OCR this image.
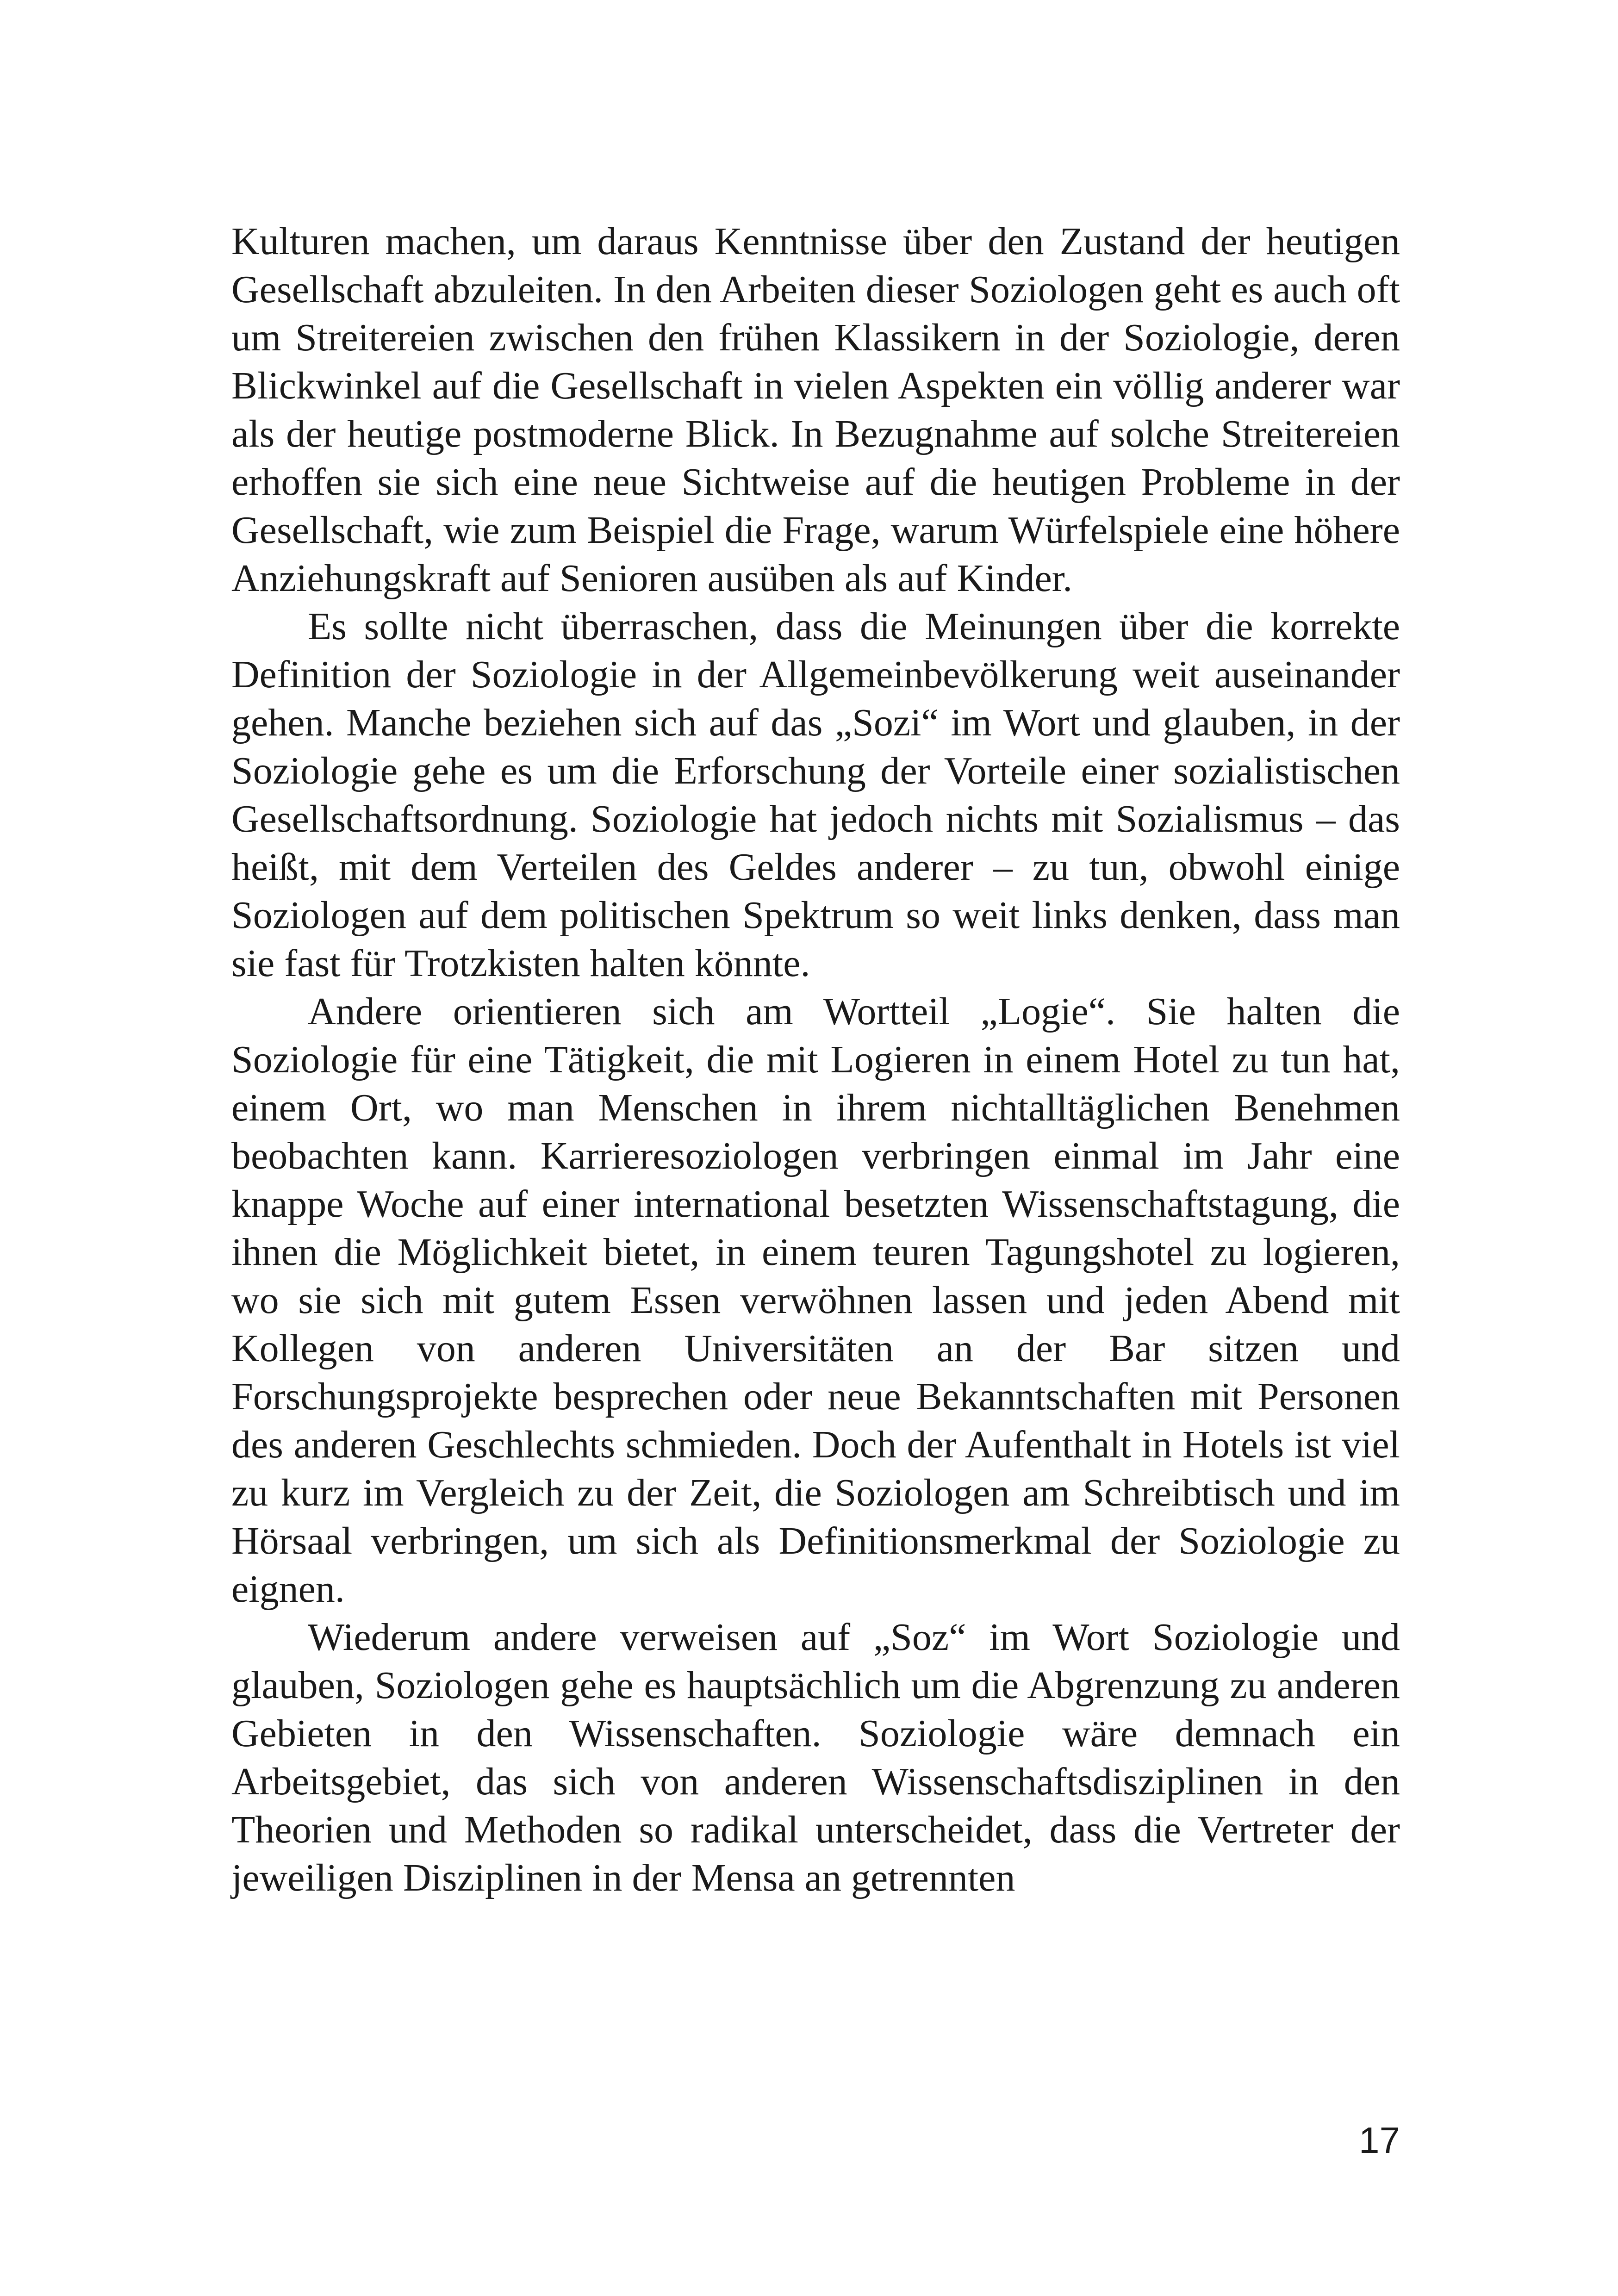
Kulturen machen, um daraus Kenntnisse über den Zustand der heutigen Gesellschaft abzuleiten. In den Arbeiten dieser Soziologen geht es auch oft um Streitereien zwischen den frühen Klassikern in der Soziologie, deren Blickwinkel auf die Gesellschaft in vielen Aspekten ein völlig anderer war als der heutige postmoderne Blick. In Bezugnahme auf solche Streitereien erhoffen sie sich eine neue Sichtweise auf die heutigen Probleme in der Gesellschaft, wie zum Beispiel die Frage, warum Würfelspiele eine höhere Anziehungskraft auf Senioren ausüben als auf Kinder.

Es sollte nicht überraschen, dass die Meinungen über die korrekte Definition der Soziologie in der Allgemeinbevölkerung weit auseinander gehen. Manche beziehen sich auf das „Sozi“ im Wort und glauben, in der Soziologie gehe es um die Erforschung der Vorteile einer sozialistischen Gesellschaftsordnung. Soziologie hat jedoch nichts mit Sozialismus – das heißt, mit dem Verteilen des Geldes anderer – zu tun, obwohl einige Soziologen auf dem politischen Spektrum so weit links denken, dass man sie fast für Trotzkisten halten könnte.

Andere orientieren sich am Wortteil „Logie“. Sie halten die Soziologie für eine Tätigkeit, die mit Logieren in einem Hotel zu tun hat, einem Ort, wo man Menschen in ihrem nichtalltäglichen Benehmen beobachten kann. Karrieresoziologen verbringen einmal im Jahr eine knappe Woche auf einer international besetzten Wissenschaftstagung, die ihnen die Möglichkeit bietet, in einem teuren Tagungshotel zu logieren, wo sie sich mit gutem Essen verwöhnen lassen und jeden Abend mit Kollegen von anderen Universitäten an der Bar sitzen und Forschungsprojekte besprechen oder neue Bekanntschaften mit Personen des anderen Geschlechts schmieden. Doch der Aufenthalt in Hotels ist viel zu kurz im Vergleich zu der Zeit, die Soziologen am Schreibtisch und im Hörsaal verbringen, um sich als Definitionsmerkmal der Soziologie zu eignen.

Wiederum andere verweisen auf „Soz“ im Wort Soziologie und glauben, Soziologen gehe es hauptsächlich um die Abgrenzung zu anderen Gebieten in den Wissenschaften. Soziologie wäre demnach ein Arbeitsgebiet, das sich von anderen Wissenschaftsdisziplinen in den Theorien und Methoden so radikal unterscheidet, dass die Vertreter der jeweiligen Disziplinen in der Mensa an getrennten

17
